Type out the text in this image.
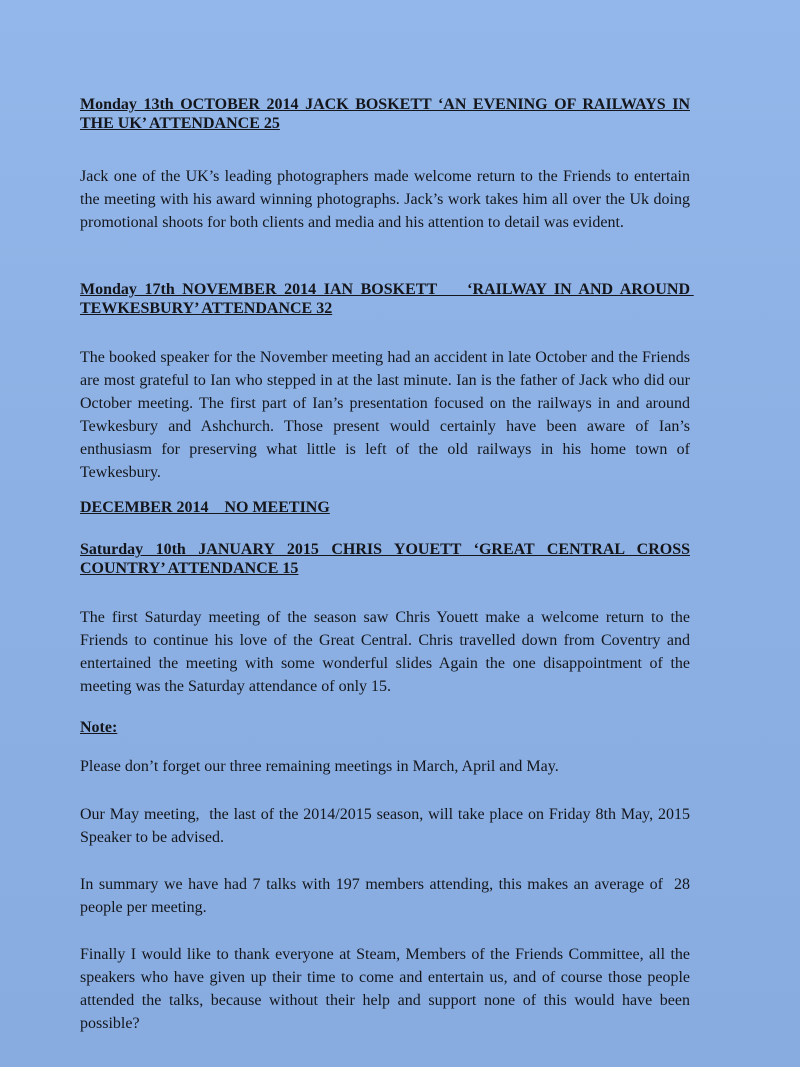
Monday 13th OCTOBER 2014 JACK BOSKETT ‘AN EVENING OF RAILWAYS IN THE UK’ ATTENDANCE 25

Jack one of the UK’s leading photographers made welcome return to the Friends to entertain the meeting with his award winning photographs. Jack’s work takes him all over the Uk doing promotional shoots for both clients and media and his attention to detail was evident.

Monday 17th NOVEMBER 2014 IAN BOSKETT    ‘RAILWAY IN AND AROUND TEWKESBURY’ ATTENDANCE 32

The booked speaker for the November meeting had an accident in late October and the Friends are most grateful to Ian who stepped in at the last minute. Ian is the father of Jack who did our October meeting. The first part of Ian’s presentation focused on the railways in and around Tewkesbury and Ashchurch. Those present would certainly have been aware of Ian’s enthusiasm for preserving what little is left of the old railways in his home town of Tewkesbury.

DECEMBER 2014    NO MEETING

Saturday 10th JANUARY 2015 CHRIS YOUETT ‘GREAT CENTRAL CROSS COUNTRY’ ATTENDANCE 15

The first Saturday meeting of the season saw Chris Youett make a welcome return to the Friends to continue his love of the Great Central. Chris travelled down from Coventry and entertained the meeting with some wonderful slides Again the one disappointment of the meeting was the Saturday attendance of only 15.

Note:

Please don’t forget our three remaining meetings in March, April and May.

Our May meeting,  the last of the 2014/2015 season, will take place on Friday 8th May, 2015 Speaker to be advised.

In summary we have had 7 talks with 197 members attending, this makes an average of  28 people per meeting.

Finally I would like to thank everyone at Steam, Members of the Friends Committee, all the speakers who have given up their time to come and entertain us, and of course those people attended the talks, because without their help and support none of this would have been possible?
